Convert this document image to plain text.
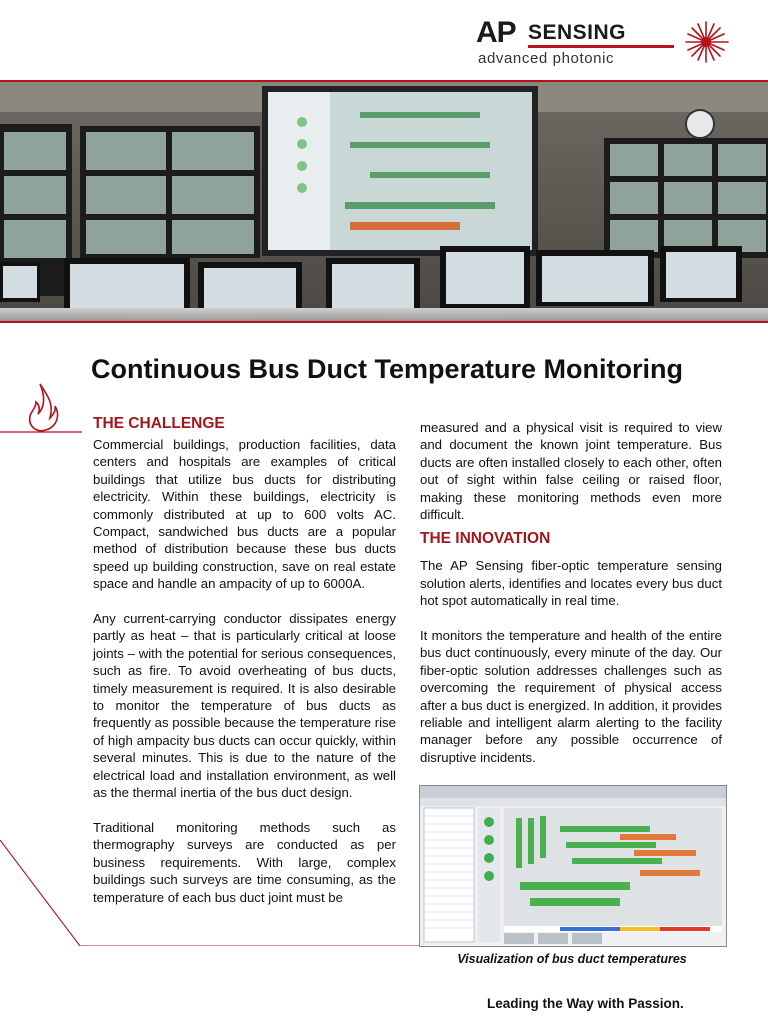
AP SENSING
advanced photonic
Continuous Bus Duct Temperature Monitoring
THE CHALLENGE

Commercial buildings, production facilities, data centers and hospitals are examples of critical buildings that utilize bus ducts for distributing electricity. Within these buildings, electricity is commonly distributed at up to 600 volts AC. Compact, sandwiched bus ducts are a popular method of distribution because these bus ducts speed up building construction, save on real estate space and handle an ampacity of up to 6000A.

Any current-carrying conductor dissipates energy partly as heat – that is particularly critical at loose joints – with the potential for serious consequences, such as fire. To avoid overheating of bus ducts, timely measurement is required. It is also desirable to monitor the temperature of bus ducts as frequently as possible because the temperature rise of high ampacity bus ducts can occur quickly, within several minutes. This is due to the nature of the electrical load and installation environment, as well as the thermal inertia of the bus duct design.

Traditional monitoring methods such as thermography surveys are conducted as per business requirements. With large, complex buildings such surveys are time consuming, as the temperature of each bus duct joint must be

measured and a physical visit is required to view and document the known joint temperature. Bus ducts are often installed closely to each other, often out of sight within false ceiling or raised floor, making these monitoring methods even more difficult.

THE INNOVATION

The AP Sensing fiber-optic temperature sensing solution alerts, identifies and locates every bus duct hot spot automatically in real time.

It monitors the temperature and health of the entire bus duct continuously, every minute of the day. Our fiber-optic solution addresses challenges such as overcoming the requirement of physical access after a bus duct is energized. In addition, it provides reliable and intelligent alarm alerting to the facility manager before any possible occurrence of disruptive incidents.

Visualization of bus duct temperatures
Leading the Way with Passion.
